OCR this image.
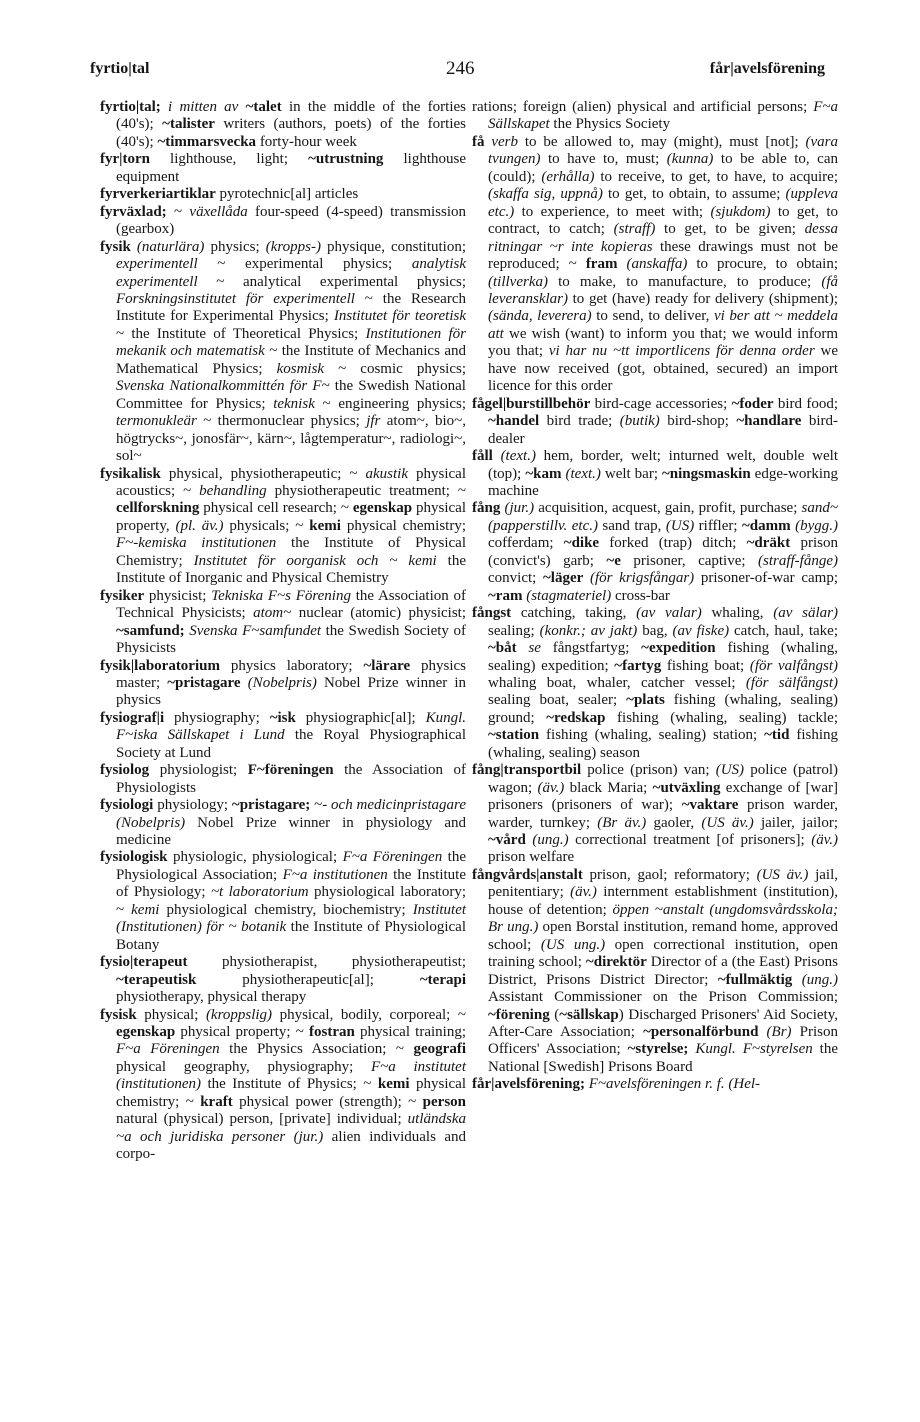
fyrtio|tal	246	får|avelsförening

fyrtio|tal; i mitten av ~talet in the middle of the forties (40's); ~talister writers (authors, poets) of the forties (40's); ~timmarsvecka forty-hour week

fyr|torn lighthouse, light; ~utrustning lighthouse equipment

fyrverkeriartiklar pyrotechnic[al] articles

fyrväxlad; ~ växellåda four-speed (4-speed) transmission (gearbox)

fysik (naturlära) physics; (kropps-) physique, constitution; experimentell ~ experimental physics; analytisk experimentell ~ analytical experimental physics; Forskningsinstitutet för experimentell ~ the Research Institute for Experimental Physics; Institutet för teoretisk ~ the Institute of Theoretical Physics; Institutionen för mekanik och matematisk ~ the Institute of Mechanics and Mathematical Physics; kosmisk ~ cosmic physics; Svenska Nationalkommittén för F~ the Swedish National Committee for Physics; teknisk ~ engineering physics; termonukleär ~ thermonuclear physics; jfr atom~, bio~, högtrycks~, jonosfär~, kärn~, lågtemperatur~, radiologi~, sol~

fysikalisk physical, physiotherapeutic; ~ akustik physical acoustics; ~ behandling physiotherapeutic treatment; ~ cellforskning physical cell research; ~ egenskap physical property, (pl. äv.) physicals; ~ kemi physical chemistry; F~-kemiska institutionen the Institute of Physical Chemistry; Institutet för oorganisk och ~ kemi the Institute of Inorganic and Physical Chemistry

fysiker physicist; Tekniska F~s Förening the Association of Technical Physicists; atom~ nuclear (atomic) physicist; ~samfund; Svenska F~samfundet the Swedish Society of Physicists

fysik|laboratorium physics laboratory; ~lärare physics master; ~pristagare (Nobelpris) Nobel Prize winner in physics

fysiograf|i physiography; ~isk physiographic[al]; Kungl. F~iska Sällskapet i Lund the Royal Physiographical Society at Lund

fysiolog physiologist; F~föreningen the Association of Physiologists

fysiologi physiology; ~pristagare; ~- och medicinpristagare (Nobelpris) Nobel Prize winner in physiology and medicine

fysiologisk physiologic, physiological; F~a Föreningen the Physiological Association; F~a institutionen the Institute of Physiology; ~t laboratorium physiological laboratory; ~ kemi physiological chemistry, biochemistry; Institutet (Institutionen) för ~ botanik the Institute of Physiological Botany

fysio|terapeut physiotherapist, physiotherapeutist; ~terapeutisk physiotherapeutic[al]; ~terapi physiotherapy, physical therapy

fysisk physical; (kroppslig) physical, bodily, corporeal; ~ egenskap physical property; ~ fostran physical training; F~a Föreningen the Physics Association; ~ geografi physical geography, physiography; F~a institutet (institutionen) the Institute of Physics; ~ kemi physical chemistry; ~ kraft physical power (strength); ~ person natural (physical) person, [private] individual; utländska ~a och juridiska personer (jur.) alien individuals and corpo-

rations; foreign (alien) physical and artificial persons; F~a Sällskapet the Physics Society

få verb to be allowed to, may (might), must [not]; (vara tvungen) to have to, must; (kunna) to be able to, can (could); (erhålla) to receive, to get, to have, to acquire; (skaffa sig, uppnå) to get, to obtain, to assume; (uppleva etc.) to experience, to meet with; (sjukdom) to get, to contract, to catch; (straff) to get, to be given; dessa ritningar ~r inte kopieras these drawings must not be reproduced; ~ fram (anskaffa) to procure, to obtain; (tillverka) to make, to manufacture, to produce; (få leveransklar) to get (have) ready for delivery (shipment); (sända, leverera) to send, to deliver, vi ber att ~ meddela att we wish (want) to inform you that; we would inform you that; vi har nu ~tt importlicens för denna order we have now received (got, obtained, secured) an import licence for this order

fågel|burstillbehör bird-cage accessories; ~foder bird food; ~handel bird trade; (butik) bird-shop; ~handlare bird-dealer

fåll (text.) hem, border, welt; inturned welt, double welt (top); ~kam (text.) welt bar; ~ningsmaskin edge-working machine

fång (jur.) acquisition, acquest, gain, profit, purchase; sand~ (papperstillv. etc.) sand trap, (US) riffler; ~damm (bygg.) cofferdam; ~dike forked (trap) ditch; ~dräkt prison (convict's) garb; ~e prisoner, captive; (straff-fånge) convict; ~läger (för krigsfångar) prisoner-of-war camp; ~ram (stagmateriel) cross-bar

fångst catching, taking, (av valar) whaling, (av sälar) sealing; (konkr.; av jakt) bag, (av fiske) catch, haul, take; ~båt se fångstfartyg; ~expedition fishing (whaling, sealing) expedition; ~fartyg fishing boat; (för valfångst) whaling boat, whaler, catcher vessel; (för sälfångst) sealing boat, sealer; ~plats fishing (whaling, sealing) ground; ~redskap fishing (whaling, sealing) tackle; ~station fishing (whaling, sealing) station; ~tid fishing (whaling, sealing) season

fång|transportbil police (prison) van; (US) police (patrol) wagon; (äv.) black Maria; ~utväxling exchange of [war] prisoners (prisoners of war); ~vaktare prison warder, warder, turnkey; (Br äv.) gaoler, (US äv.) jailer, jailor; ~vård (ung.) correctional treatment [of prisoners]; (äv.) prison welfare

fångvårds|anstalt prison, gaol; reformatory; (US äv.) jail, penitentiary; (äv.) internment establishment (institution), house of detention; öppen ~anstalt (ungdomsvårdsskola; Br ung.) open Borstal institution, remand home, approved school; (US ung.) open correctional institution, open training school; ~direktör Director of a (the East) Prisons District, Prisons District Director; ~fullmäktig (ung.) Assistant Commissioner on the Prison Commission; ~förening (~sällskap) Discharged Prisoners' Aid Society, After-Care Association; ~personalförbund (Br) Prison Officers' Association; ~styrelse; Kungl. F~styrelsen the National [Swedish] Prisons Board

får|avelsförening; F~avelsföreningen r. f. (Hel-
